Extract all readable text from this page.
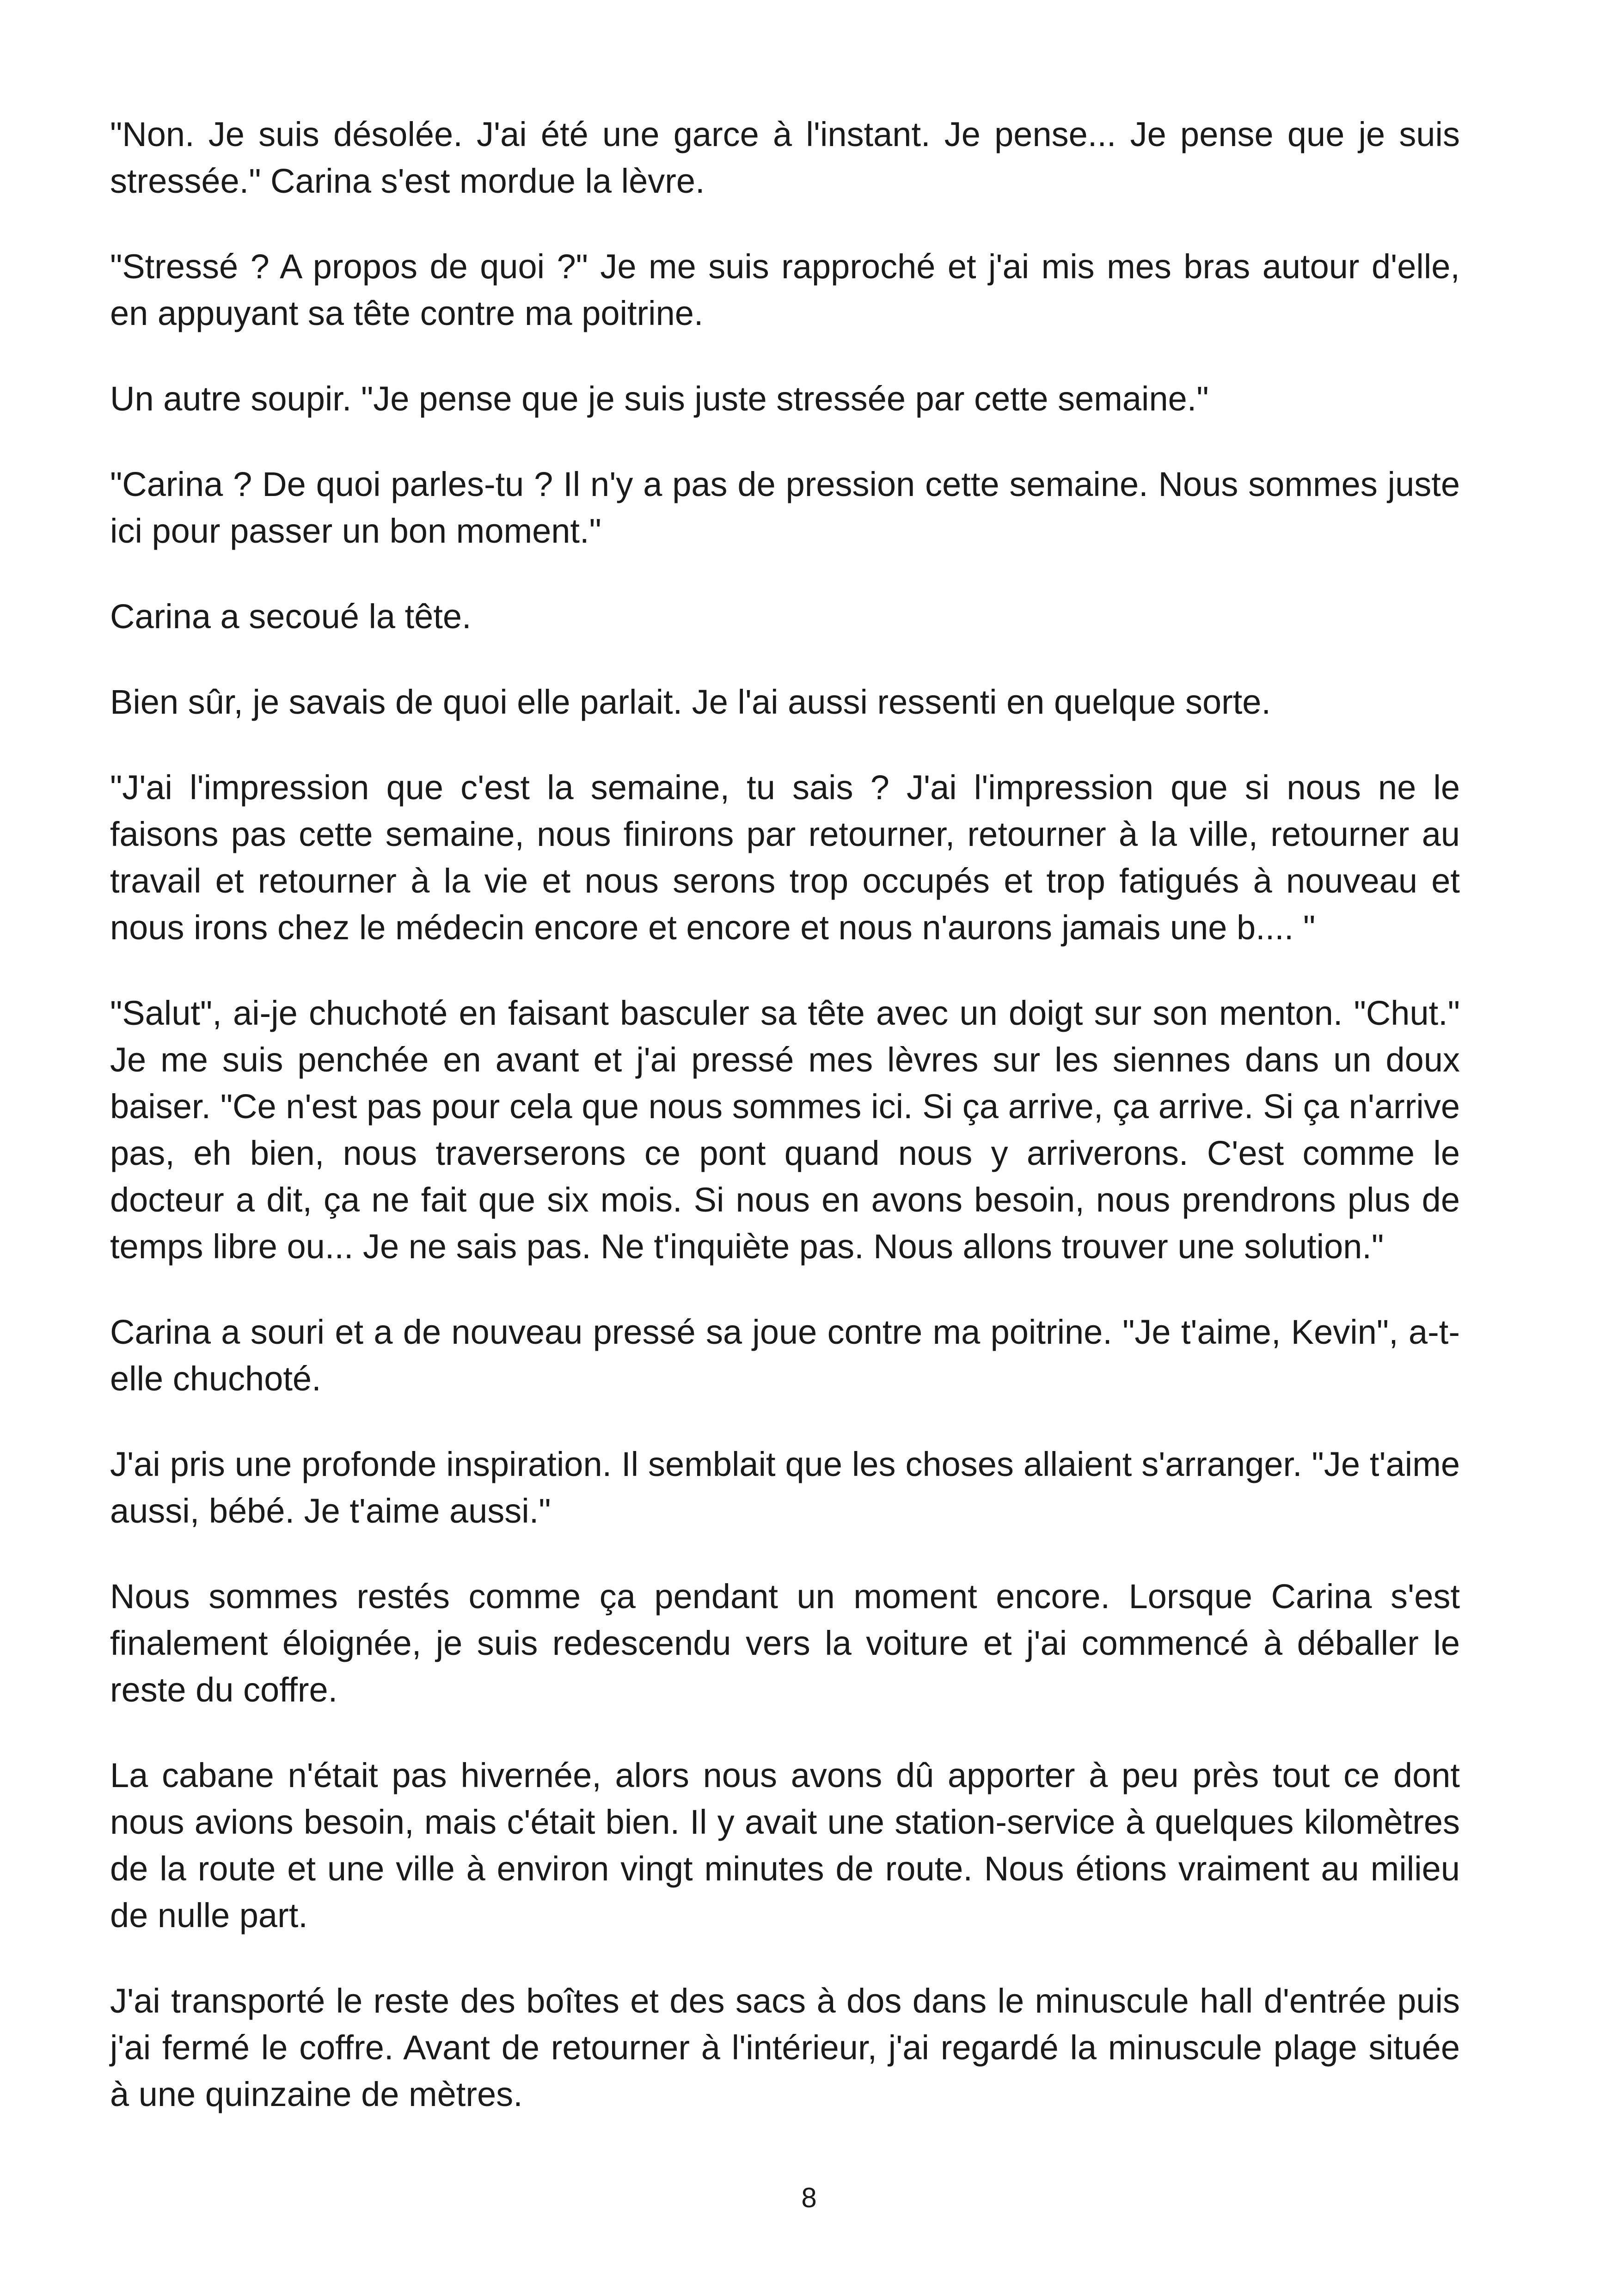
"Non. Je suis désolée. J'ai été une garce à l'instant. Je pense... Je pense que je suis stressée." Carina s'est mordue la lèvre.

"Stressé ? A propos de quoi ?" Je me suis rapproché et j'ai mis mes bras autour d'elle, en appuyant sa tête contre ma poitrine.

Un autre soupir. "Je pense que je suis juste stressée par cette semaine."

"Carina ? De quoi parles-tu ? Il n'y a pas de pression cette semaine. Nous sommes juste ici pour passer un bon moment."

Carina a secoué la tête.

Bien sûr, je savais de quoi elle parlait. Je l'ai aussi ressenti en quelque sorte.

"J'ai l'impression que c'est la semaine, tu sais ? J'ai l'impression que si nous ne le faisons pas cette semaine, nous finirons par retourner, retourner à la ville, retourner au travail et retourner à la vie et nous serons trop occupés et trop fatigués à nouveau et nous irons chez le médecin encore et encore et nous n'aurons jamais une b.... "

"Salut", ai-je chuchoté en faisant basculer sa tête avec un doigt sur son menton. "Chut." Je me suis penchée en avant et j'ai pressé mes lèvres sur les siennes dans un doux baiser. "Ce n'est pas pour cela que nous sommes ici. Si ça arrive, ça arrive. Si ça n'arrive pas, eh bien, nous traverserons ce pont quand nous y arriverons. C'est comme le docteur a dit, ça ne fait que six mois. Si nous en avons besoin, nous prendrons plus de temps libre ou... Je ne sais pas. Ne t'inquiète pas. Nous allons trouver une solution."

Carina a souri et a de nouveau pressé sa joue contre ma poitrine. "Je t'aime, Kevin", a-t-elle chuchoté.

J'ai pris une profonde inspiration. Il semblait que les choses allaient s'arranger. "Je t'aime aussi, bébé. Je t'aime aussi."

Nous sommes restés comme ça pendant un moment encore. Lorsque Carina s'est finalement éloignée, je suis redescendu vers la voiture et j'ai commencé à déballer le reste du coffre.

La cabane n'était pas hivernée, alors nous avons dû apporter à peu près tout ce dont nous avions besoin, mais c'était bien. Il y avait une station-service à quelques kilomètres de la route et une ville à environ vingt minutes de route. Nous étions vraiment au milieu de nulle part.

J'ai transporté le reste des boîtes et des sacs à dos dans le minuscule hall d'entrée puis j'ai fermé le coffre. Avant de retourner à l'intérieur, j'ai regardé la minuscule plage située à une quinzaine de mètres.

8
